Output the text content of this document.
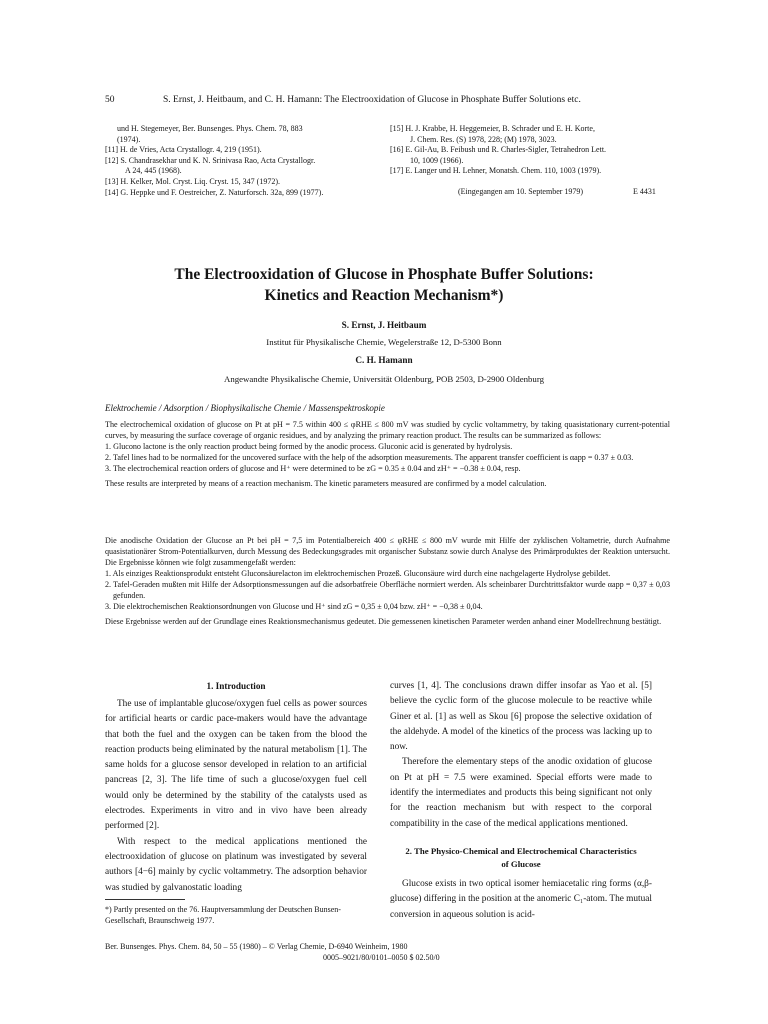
50	S. Ernst, J. Heitbaum, and C. H. Hamann: The Electrooxidation of Glucose in Phosphate Buffer Solutions etc.
und H. Stegemeyer, Ber. Bunsenges. Phys. Chem. 78, 883
(1974).
[11] H. de Vries, Acta Crystallogr. 4, 219 (1951).
[12] S. Chandrasekhar und K. N. Srinivasa Rao, Acta Crystallogr.
A 24, 445 (1968).
[13] H. Kelker, Mol. Cryst. Liq. Cryst. 15, 347 (1972).
[14] G. Heppke und F. Oestreicher, Z. Naturforsch. 32a, 899 (1977).
[15] H. J. Krabbe, H. Heggemeier, B. Schrader und E. H. Korte,
J. Chem. Res. (S) 1978, 228; (M) 1978, 3023.
[16] E. Gil-Au, B. Feibush und R. Charles-Sigler, Tetrahedron Lett.
10, 1009 (1966).
[17] E. Langer und H. Lehner, Monatsh. Chem. 110, 1003 (1979).
(Eingegangen am 10. September 1979)	E 4431
The Electrooxidation of Glucose in Phosphate Buffer Solutions:
Kinetics and Reaction Mechanism*)
S. Ernst, J. Heitbaum
Institut für Physikalische Chemie, Wegelerstraße 12, D-5300 Bonn
C. H. Hamann
Angewandte Physikalische Chemie, Universität Oldenburg, POB 2503, D-2900 Oldenburg
Elektrochemie / Adsorption / Biophysikalische Chemie / Massenspektroskopie

The electrochemical oxidation of glucose on Pt at pH = 7.5 within 400 ≤ φRHE ≤ 800 mV was studied by cyclic voltammetry, by taking quasistationary current-potential curves, by measuring the surface coverage of organic residues, and by analyzing the primary reaction product. The results can be summarized as follows:

1. Glucono lactone is the only reaction product being formed by the anodic process. Gluconic acid is generated by hydrolysis.

2. Tafel lines had to be normalized for the uncovered surface with the help of the adsorption measurements. The apparent transfer coefficient is αapp = 0.37 ± 0.03.

3. The electrochemical reaction orders of glucose and H⁺ were determined to be zG = 0.35 ± 0.04 and zH⁺ = −0.38 ± 0.04, resp.

These results are interpreted by means of a reaction mechanism. The kinetic parameters measured are confirmed by a model calculation.

Die anodische Oxidation der Glucose an Pt bei pH = 7,5 im Potentialbereich 400 ≤ φRHE ≤ 800 mV wurde mit Hilfe der zyklischen Voltametrie, durch Aufnahme quasistationärer Strom-Potentialkurven, durch Messung des Bedeckungsgrades mit organischer Substanz sowie durch Analyse des Primärproduktes der Reaktion untersucht. Die Ergebnisse können wie folgt zusammengefaßt werden:

1. Als einziges Reaktionsprodukt entsteht Gluconsäurelacton im elektrochemischen Prozeß. Gluconsäure wird durch eine nachgelagerte Hydrolyse gebildet.

2. Tafel-Geraden mußten mit Hilfe der Adsorptionsmessungen auf die adsorbatfreie Oberfläche normiert werden. Als scheinbarer Durchtrittsfaktor wurde αapp = 0,37 ± 0,03 gefunden.

3. Die elektrochemischen Reaktionsordnungen von Glucose und H⁺ sind zG = 0,35 ± 0,04 bzw. zH⁺ = −0,38 ± 0,04.

Diese Ergebnisse werden auf der Grundlage eines Reaktionsmechanismus gedeutet. Die gemessenen kinetischen Parameter werden anhand einer Modellrechnung bestätigt.

1. Introduction

The use of implantable glucose/oxygen fuel cells as power sources for artificial hearts or cardic pace-makers would have the advantage that both the fuel and the oxygen can be taken from the blood the reaction products being eliminated by the natural metabolism [1]. The same holds for a glucose sensor developed in relation to an artificial pancreas [2, 3]. The life time of such a glucose/oxygen fuel cell would only be determined by the stability of the catalysts used as electrodes. Experiments in vitro and in vivo have been already performed [2].

With respect to the medical applications mentioned the electrooxidation of glucose on platinum was investigated by several authors [4−6] mainly by cyclic voltammetry. The adsorption behavior was studied by galvanostatic loading

*) Partly presented on the 76. Hauptversammlung der Deutschen Bunsen-Gesellschaft, Braunschweig 1977.

curves [1, 4]. The conclusions drawn differ insofar as Yao et al. [5] believe the cyclic form of the glucose molecule to be reactive while Giner et al. [1] as well as Skou [6] propose the selective oxidation of the aldehyde. A model of the kinetics of the process was lacking up to now.

Therefore the elementary steps of the anodic oxidation of glucose on Pt at pH = 7.5 were examined. Special efforts were made to identify the intermediates and products this being significant not only for the reaction mechanism but with respect to the corporal compatibility in the case of the medical applications mentioned.

2. The Physico-Chemical and Electrochemical Characteristics
of Glucose

Glucose exists in two optical isomer hemiacetalic ring forms (α,β-glucose) differing in the position at the anomeric C₁-atom. The mutual conversion in aqueous solution is acid-

Ber. Bunsenges. Phys. Chem. 84, 50 – 55 (1980) – © Verlag Chemie, D-6940 Weinheim, 1980
0005–9021/80/0101–0050 $ 02.50/0
